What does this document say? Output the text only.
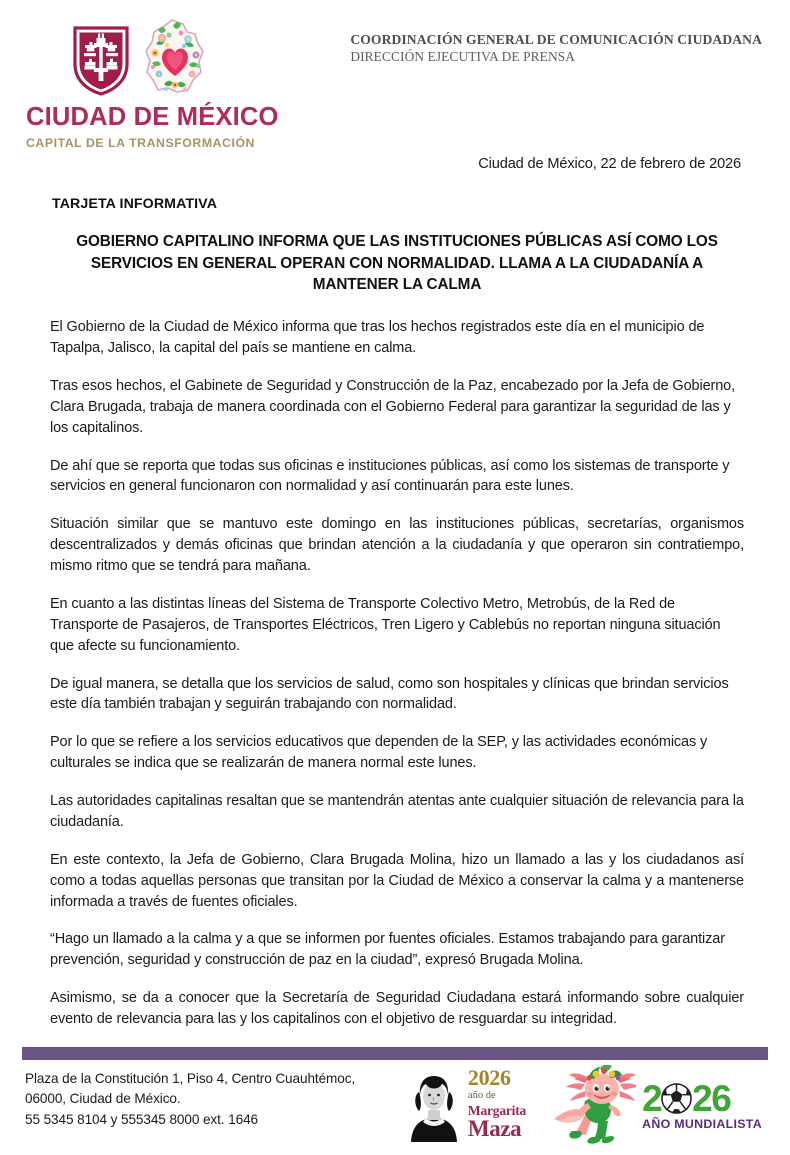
CIUDAD DE MÉXICO
CAPITAL DE LA TRANSFORMACIÓN
COORDINACIÓN GENERAL DE COMUNICACIÓN CIUDADANA
DIRECCIÓN EJECUTIVA DE PRENSA
Ciudad de México, 22 de febrero de 2026
TARJETA INFORMATIVA
GOBIERNO CAPITALINO INFORMA QUE LAS INSTITUCIONES PÚBLICAS ASÍ COMO LOS SERVICIOS EN GENERAL OPERAN CON NORMALIDAD. LLAMA A LA CIUDADANÍA A MANTENER LA CALMA

El Gobierno de la Ciudad de México informa que tras los hechos registrados este día en el municipio de Tapalpa, Jalisco, la capital del país se mantiene en calma.

Tras esos hechos, el Gabinete de Seguridad y Construcción de la Paz, encabezado por la Jefa de Gobierno, Clara Brugada, trabaja de manera coordinada con el Gobierno Federal para garantizar la seguridad de las y los capitalinos.

De ahí que se reporta que todas sus oficinas e instituciones públicas, así como los sistemas de transporte y servicios en general funcionaron con normalidad y así continuarán para este lunes.

Situación similar que se mantuvo este domingo en las instituciones públicas, secretarías, organismos descentralizados y demás oficinas que brindan atención a la ciudadanía y que operaron sin contratiempo, mismo ritmo que se tendrá para mañana.

En cuanto a las distintas líneas del Sistema de Transporte Colectivo Metro, Metrobús, de la Red de Transporte de Pasajeros, de Transportes Eléctricos, Tren Ligero y Cablebús no reportan ninguna situación que afecte su funcionamiento.

De igual manera, se detalla que los servicios de salud, como son hospitales y clínicas que brindan servicios este día también trabajan y seguirán trabajando con normalidad.

Por lo que se refiere a los servicios educativos que dependen de la SEP, y las actividades económicas y culturales se indica que se realizarán de manera normal este lunes.

Las autoridades capitalinas resaltan que se mantendrán atentas ante cualquier situación de relevancia para la ciudadanía.

En este contexto, la Jefa de Gobierno, Clara Brugada Molina, hizo un llamado a las y los ciudadanos así como a todas aquellas personas que transitan por la Ciudad de México a conservar la calma y a mantenerse informada a través de fuentes oficiales.

“Hago un llamado a la calma y a que se informen por fuentes oficiales. Estamos trabajando para garantizar prevención, seguridad y construcción de paz en la ciudad”, expresó Brugada Molina.

Asimismo, se da a conocer que la Secretaría de Seguridad Ciudadana estará informando sobre cualquier evento de relevancia para las y los capitalinos con el objetivo de resguardar su integridad.

Plaza de la Constitución 1, Piso 4, Centro Cuauhtémoc,
06000, Ciudad de México.
55 5345 8104 y 555345 8000 ext. 1646
2026
año de
Margarita
Maza
2 26
AÑO MUNDIALISTA
